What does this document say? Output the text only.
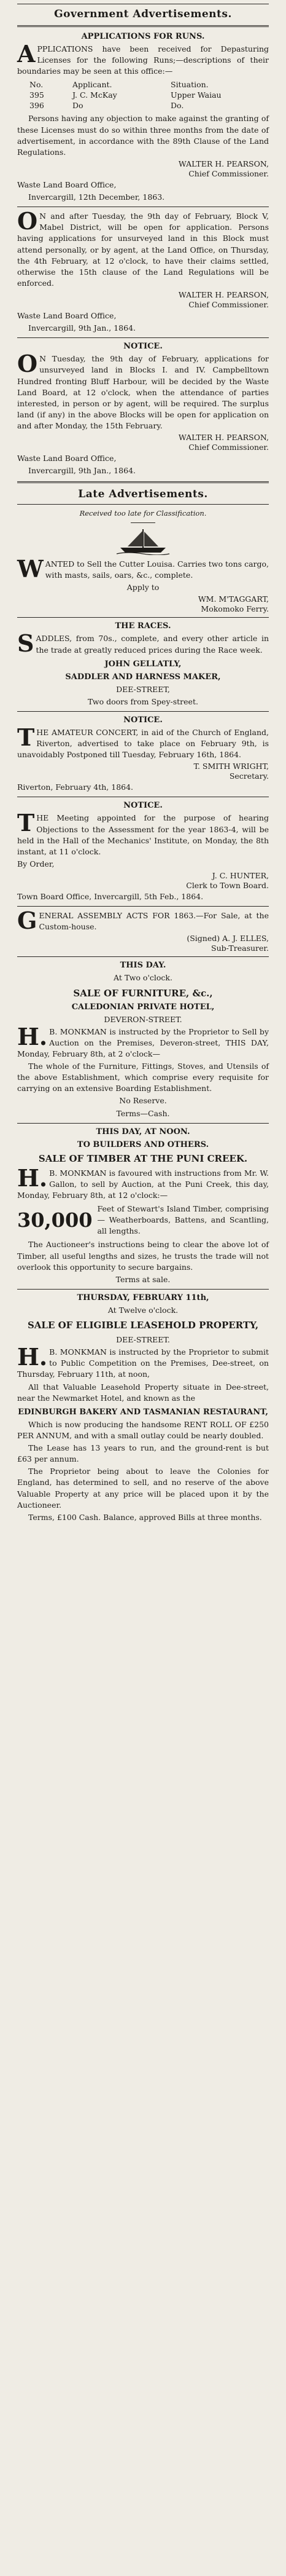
Government Advertisements.
APPLICATIONS FOR RUNS.

APPLICATIONS have been received for Depasturing Licenses for the following Runs;—descriptions of their boundaries may be seen at this office:—

No.	Applicant.	Situation.
395	J. C. McKay	Upper Waiau
396	Do	Do.

Persons having any objection to make against the granting of these Licenses must do so within three months from the date of advertisement, in accordance with the 89th Clause of the Land Regulations.

WALTER H. PEARSON,
Chief Commissioner.

Waste Land Board Office,

Invercargill, 12th December, 1863.

ON and after Tuesday, the 9th day of February, Block V, Mabel District, will be open for application. Persons having applications for unsurveyed land in this Block must attend personally, or by agent, at the Land Office, on Thursday, the 4th February, at 12 o'clock, to have their claims settled, otherwise the 15th clause of the Land Regulations will be enforced.

WALTER H. PEARSON,
Chief Commissioner.

Waste Land Board Office,

Invercargill, 9th Jan., 1864.

NOTICE.

ON Tuesday, the 9th day of February, applications for unsurveyed land in Blocks I. and IV. Campbelltown Hundred fronting Bluff Harbour, will be decided by the Waste Land Board, at 12 o'clock, when the attendance of parties interested, in person or by agent, will be required. The surplus land (if any) in the above Blocks will be open for application on and after Monday, the 15th February.

WALTER H. PEARSON,
Chief Commissioner.

Waste Land Board Office,

Invercargill, 9th Jan., 1864.

Late Advertisements.

Received too late for Classification.

WANTED to Sell the Cutter Louisa. Carries two tons cargo, with masts, sails, oars, &c., complete.

Apply to

WM. M'TAGGART,
Mokomoko Ferry.
THE RACES.

SADDLES, from 70s., complete, and every other article in the trade at greatly reduced prices during the Race week.

JOHN GELLATLY,
SADDLER AND HARNESS MAKER,

DEE-STREET,

Two doors from Spey-street.

NOTICE.

THE AMATEUR CONCERT, in aid of the Church of England, Riverton, advertised to take place on February 9th, is unavoidably Postponed till Tuesday, February 16th, 1864.

T. SMITH WRIGHT,
Secretary.

Riverton, February 4th, 1864.

NOTICE.

THE Meeting appointed for the purpose of hearing Objections to the Assessment for the year 1863-4, will be held in the Hall of the Mechanics' Institute, on Monday, the 8th instant, at 11 o'clock.

By Order,

J. C. HUNTER,
Clerk to Town Board.

Town Board Office, Invercargill, 5th Feb., 1864.

GENERAL ASSEMBLY ACTS FOR 1863.—For Sale, at the Custom-house.

(Signed) A. J. ELLES,
Sub-Treasurer.
THIS DAY.

At Two o'clock.

SALE OF FURNITURE, &c.,
CALEDONIAN PRIVATE HOTEL,

DEVERON-STREET.

H.B. MONKMAN is instructed by the Proprietor to Sell by Auction on the Premises, Deveron-street, THIS DAY, Monday, February 8th, at 2 o'clock—

The whole of the Furniture, Fittings, Stoves, and Utensils of the above Establishment, which comprise every requisite for carrying on an extensive Boarding Establishment.

No Reserve.

Terms—Cash.

THIS DAY, AT NOON.
TO BUILDERS AND OTHERS.
SALE OF TIMBER AT THE PUNI CREEK.

H.B. MONKMAN is favoured with instructions from Mr. W. Gallon, to sell by Auction, at the Puni Creek, this day, Monday, February 8th, at 12 o'clock:—

30,000 Feet of Stewart's Island Timber, comprising — Weatherboards, Battens, and Scantling, all lengths.

The Auctioneer's instructions being to clear the above lot of Timber, all useful lengths and sizes, he trusts the trade will not overlook this opportunity to secure bargains.

Terms at sale.

THURSDAY, FEBRUARY 11th,

At Twelve o'clock.

SALE OF ELIGIBLE LEASEHOLD PROPERTY,

DEE-STREET.

H.B. MONKMAN is instructed by the Proprietor to submit to Public Competition on the Premises, Dee-street, on Thursday, February 11th, at noon,

All that Valuable Leasehold Property situate in Dee-street, near the Newmarket Hotel, and known as the

EDINBURGH BAKERY AND TASMANIAN RESTAURANT,

Which is now producing the handsome RENT ROLL OF £250 PER ANNUM, and with a small outlay could be nearly doubled.

The Lease has 13 years to run, and the ground-rent is but £63 per annum.

The Proprietor being about to leave the Colonies for England, has determined to sell, and no reserve of the above Valuable Property at any price will be placed upon it by the Auctioneer.

Terms, £100 Cash. Balance, approved Bills at three months.
